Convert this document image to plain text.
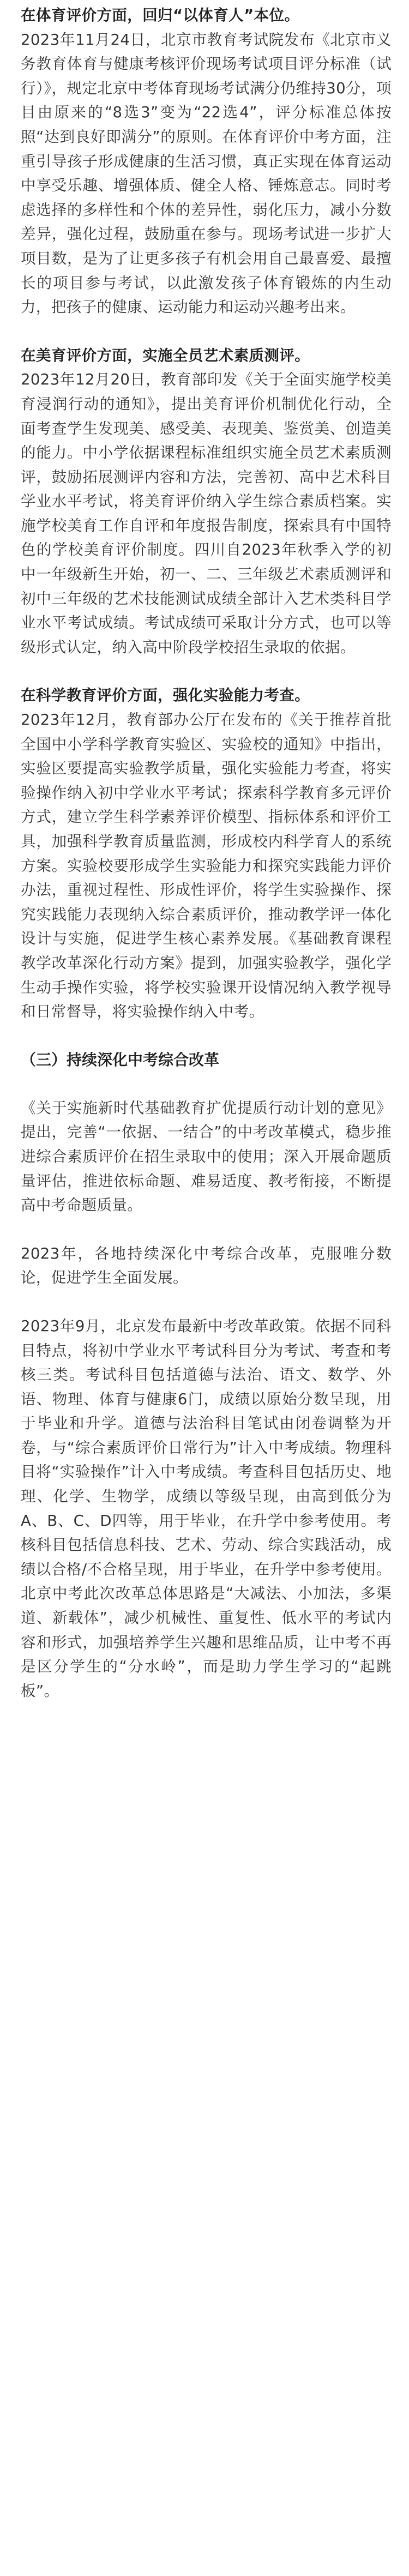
在体育评价方面，回归“以体育人”本位。
2023年11月24日，北京市教育考试院发布《北京市义务教育体育与健康考核评价现场考试项目评分标准（试行）》，规定北京中考体育现场考试满分仍维持30分，项目由原来的“8选3”变为“22选4”，评分标准总体按照“达到良好即满分”的原则。在体育评价中考方面，注重引导孩子形成健康的生活习惯，真正实现在体育运动中享受乐趣、增强体质、健全人格、锤炼意志。同时考虑选择的多样性和个体的差异性，弱化压力，减小分数差异，强化过程，鼓励重在参与。现场考试进一步扩大项目数，是为了让更多孩子有机会用自己最喜爱、最擅长的项目参与考试，以此激发孩子体育锻炼的内生动力，把孩子的健康、运动能力和运动兴趣考出来。

在美育评价方面，实施全员艺术素质测评。
2023年12月20日，教育部印发《关于全面实施学校美育浸润行动的通知》，提出美育评价机制优化行动，全面考查学生发现美、感受美、表现美、鉴赏美、创造美的能力。中小学依据课程标准组织实施全员艺术素质测评，鼓励拓展测评内容和方法，完善初、高中艺术科目学业水平考试，将美育评价纳入学生综合素质档案。实施学校美育工作自评和年度报告制度，探索具有中国特色的学校美育评价制度。四川自2023年秋季入学的初中一年级新生开始，初一、二、三年级艺术素质测评和初中三年级的艺术技能测试成绩全部计入艺术类科目学业水平考试成绩。考试成绩可采取计分方式，也可以等级形式认定，纳入高中阶段学校招生录取的依据。

在科学教育评价方面，强化实验能力考查。
2023年12月，教育部办公厅在发布的《关于推荐首批全国中小学科学教育实验区、实验校的通知》中指出，实验区要提高实验教学质量，强化实验能力考查，将实验操作纳入初中学业水平考试；探索科学教育多元评价方式，建立学生科学素养评价模型、指标体系和评价工具，加强科学教育质量监测，形成校内科学育人的系统方案。实验校要形成学生实验能力和探究实践能力评价办法，重视过程性、形成性评价，将学生实验操作、探究实践能力表现纳入综合素质评价，推动教学评一体化设计与实施，促进学生核心素养发展。《基础教育课程教学改革深化行动方案》提到，加强实验教学，强化学生动手操作实验，将学校实验课开设情况纳入教学视导和日常督导，将实验操作纳入中考。

（三）持续深化中考综合改革

《关于实施新时代基础教育扩优提质行动计划的意见》提出，完善“一依据、一结合”的中考改革模式，稳步推进综合素质评价在招生录取中的使用；深入开展命题质量评估，推进依标命题、难易适度、教考衔接，不断提高中考命题质量。

2023年，各地持续深化中考综合改革，克服唯分数论，促进学生全面发展。

2023年9月，北京发布最新中考改革政策。依据不同科目特点，将初中学业水平考试科目分为考试、考查和考核三类。考试科目包括道德与法治、语文、数学、外语、物理、体育与健康6门，成绩以原始分数呈现，用于毕业和升学。道德与法治科目笔试由闭卷调整为开卷，与“综合素质评价日常行为”计入中考成绩。物理科目将“实验操作”计入中考成绩。考查科目包括历史、地理、化学、生物学，成绩以等级呈现，由高到低分为A、B、C、D四等，用于毕业，在升学中参考使用。考核科目包括信息科技、艺术、劳动、综合实践活动，成绩以合格/不合格呈现，用于毕业，在升学中参考使用。北京中考此次改革总体思路是“大减法、小加法，多渠道、新载体”，减少机械性、重复性、低水平的考试内容和形式，加强培养学生兴趣和思维品质，让中考不再是区分学生的“分水岭”，而是助力学生学习的“起跳板”。
